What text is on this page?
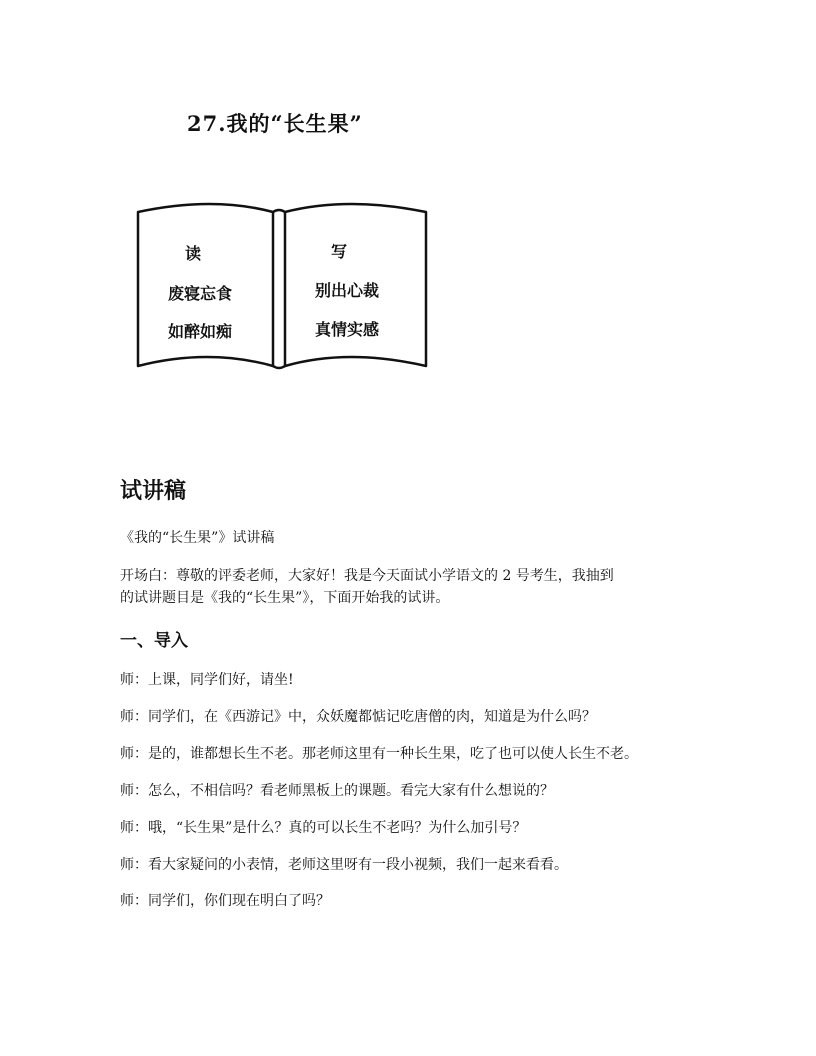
27.我的“长生果”
读
废寝忘食
如醉如痴
写
别出心裁
真情实感
试讲稿
《我的“长生果”》试讲稿
开场白：尊敬的评委老师，大家好！我是今天面试小学语文的 2 号考生，我抽到
的试讲题目是《我的“长生果”》，下面开始我的试讲。
一、导入
师：上课，同学们好，请坐!
师：同学们，在《西游记》中，众妖魔都惦记吃唐僧的肉，知道是为什么吗？
师：是的，谁都想长生不老。那老师这里有一种长生果，吃了也可以使人长生不老。
师：怎么，不相信吗？看老师黑板上的课题。看完大家有什么想说的？
师：哦，“长生果”是什么？真的可以长生不老吗？为什么加引号？
师：看大家疑问的小表情，老师这里呀有一段小视频，我们一起来看看。
师：同学们，你们现在明白了吗？
